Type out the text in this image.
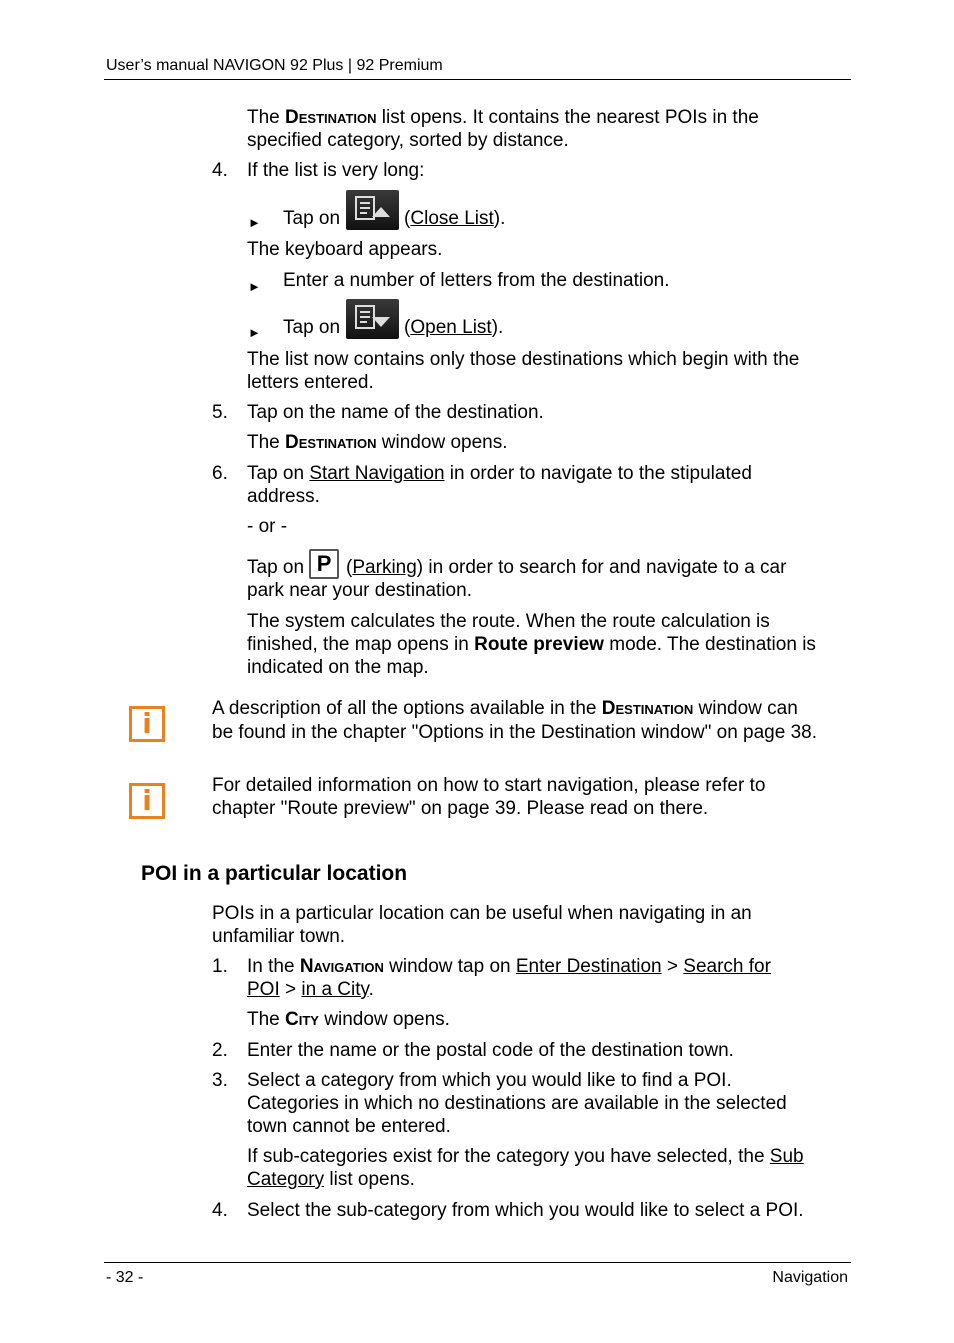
User’s manual NAVIGON 92 Plus | 92 Premium
The Destination list opens. It contains the nearest POIs in the
specified category, sorted by distance.
4. If the list is very long:
► Tap on	( Close List ).
The keyboard appears.
► Enter a number of letters from the destination.
► Tap on	( Open List ).
The list now contains only those destinations which begin with the
letters entered.
5. Tap on the name of the destination.
The Destination window opens.
6. Tap on Start Navigation in order to navigate to the stipulated
address.
- or -
Tap on P ( Parking ) in order to search for and navigate to a car
park near your destination.
The system calculates the route. When the route calculation is
finished, the map opens in Route preview mode. The destination is
indicated on the map.
i	A description of all the options available in the Destination window can
be found in the chapter "Options in the Destination window" on page 38.
i	For detailed information on how to start navigation, please refer to
chapter "Route preview" on page 39. Please read on there.
POI in a particular location
POIs in a particular location can be useful when navigating in an
unfamiliar town.
1. In the Navigation window tap on Enter Destination > Search for
POI > in a City.
The City window opens.
2. Enter the name or the postal code of the destination town.
3. Select a category from which you would like to find a POI.
Categories in which no destinations are available in the selected
town cannot be entered.
If sub-categories exist for the category you have selected, the Sub
Category list opens.
4. Select the sub-category from which you would like to select a POI.
- 32 -	Navigation
